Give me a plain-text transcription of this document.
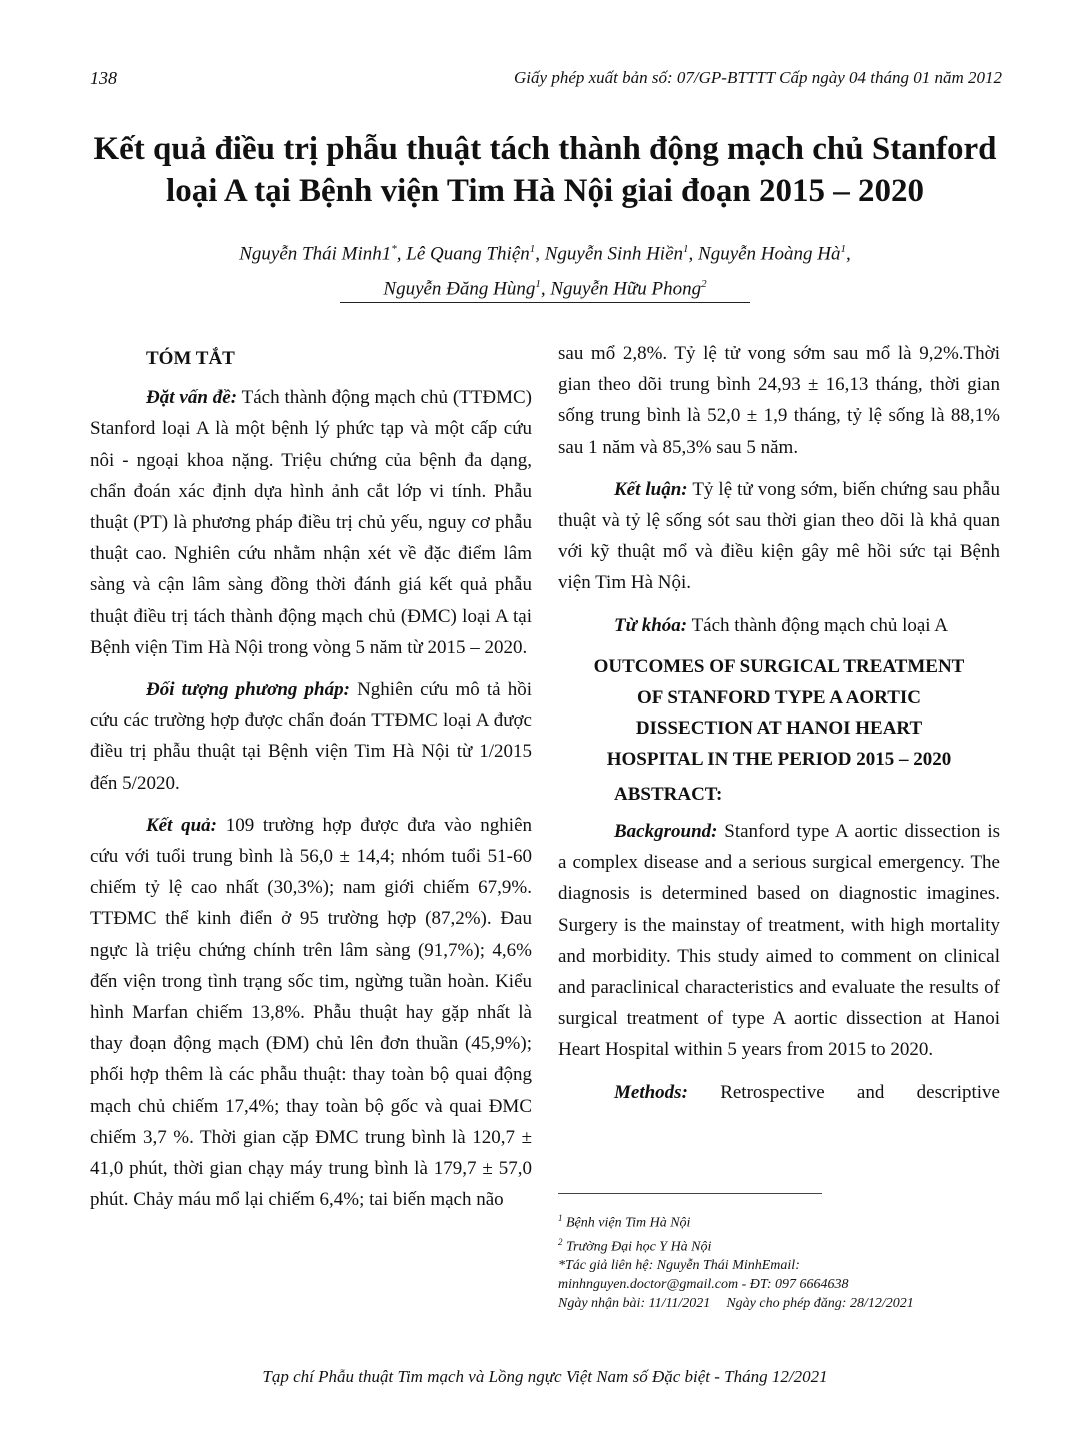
138	Giấy phép xuất bản số: 07/GP-BTTTT Cấp ngày 04 tháng 01 năm 2012
Kết quả điều trị phẫu thuật tách thành động mạch chủ Stanford
loại A tại Bệnh viện Tim Hà Nội giai đoạn 2015 – 2020
Nguyễn Thái Minh1*, Lê Quang Thiện$^1$, Nguyễn Sinh Hiền$^1$, Nguyễn Hoàng $Hà^1$,
Nguyễn Đăng Hùng$^1$, Nguyễn Hữu Phong$^2$
TÓM TẮT

Đặt vấn đề: Tách thành động mạch chủ (TTĐMC) Stanford loại A là một bệnh lý phức tạp và một cấp cứu nôi - ngoại khoa nặng. Triệu chứng của bệnh đa dạng, chẩn đoán xác định dựa hình ảnh cắt lớp vi tính. Phẫu thuật (PT) là phương pháp điều trị chủ yếu, nguy cơ phẫu thuật cao. Nghiên cứu nhằm nhận xét về đặc điểm lâm sàng và cận lâm sàng đồng thời đánh giá kết quả phẫu thuật điều trị tách thành động mạch chủ (ĐMC) loại A tại Bệnh viện Tim Hà Nội trong vòng 5 năm từ 2015 – 2020.

Đối tượng phương pháp: Nghiên cứu mô tả hồi cứu các trường hợp được chẩn đoán TTĐMC loại A được điều trị phẫu thuật tại Bệnh viện Tim Hà Nội từ 1/2015 đến 5/2020.

Kết quả: 109 trường hợp được đưa vào nghiên cứu với tuổi trung bình là 56,0 ± 14,4; nhóm tuổi 51-60 chiếm tỷ lệ cao nhất (30,3%); nam giới chiếm 67,9%. TTĐMC thể kinh điển ở 95 trường hợp (87,2%). Đau ngực là triệu chứng chính trên lâm sàng (91,7%); 4,6% đến viện trong tình trạng sốc tim, ngừng tuần hoàn. Kiểu hình Marfan chiếm 13,8%. Phẫu thuật hay gặp nhất là thay đoạn động mạch (ĐM) chủ lên đơn thuần (45,9%); phối hợp thêm là các phẫu thuật: thay toàn bộ quai động mạch chủ chiếm 17,4%; thay toàn bộ gốc và quai ĐMC chiếm 3,7 %. Thời gian cặp ĐMC trung bình là 120,7 ± 41,0 phút, thời gian chạy máy trung bình là 179,7 ± 57,0 phút. Chảy máu mổ lại chiếm 6,4%; tai biến mạch não

sau mổ 2,8%. Tỷ lệ tử vong sớm sau mổ là 9,2%.Thời gian theo dõi trung bình 24,93 ± 16,13 tháng, thời gian sống trung bình là 52,0 ± 1,9 tháng, tỷ lệ sống là 88,1% sau 1 năm và 85,3% sau 5 năm.

Kết luận: Tỷ lệ tử vong sớm, biến chứng sau phẫu thuật và tỷ lệ sống sót sau thời gian theo dõi là khả quan với kỹ thuật mổ và điều kiện gây mê hồi sức tại Bệnh viện Tim Hà Nội.

Từ khóa: Tách thành động mạch chủ loại A

OUTCOMES OF SURGICAL TREATMENT
OF STANFORD TYPE A AORTIC
DISSECTION AT HANOI HEART
HOSPITAL IN THE PERIOD 2015 – 2020
ABSTRACT:

Background: Stanford type A aortic dissection is a complex disease and a serious surgical emergency. The diagnosis is determined based on diagnostic imagines. Surgery is the mainstay of treatment, with high mortality and morbidity. This study aimed to comment on clinical and paraclinical characteristics and evaluate the results of surgical treatment of type A aortic dissection at Hanoi Heart Hospital within 5 years from 2015 to 2020.

Methods: Retrospective and descriptive

$^1$ Bệnh viện Tim Hà Nội
$^2$ Trường Đại học Y Hà Nội
*Tác giả liên hệ: Nguyễn Thái MinhEmail:
minhnguyen.doctor@gmail.com - ĐT: 097 6664638
Ngày nhận bài: 11/11/2021 Ngày cho phép đăng: 28/12/2021
Tạp chí Phẫu thuật Tim mạch và Lồng ngực Việt Nam số Đặc biệt - Tháng 12/2021
